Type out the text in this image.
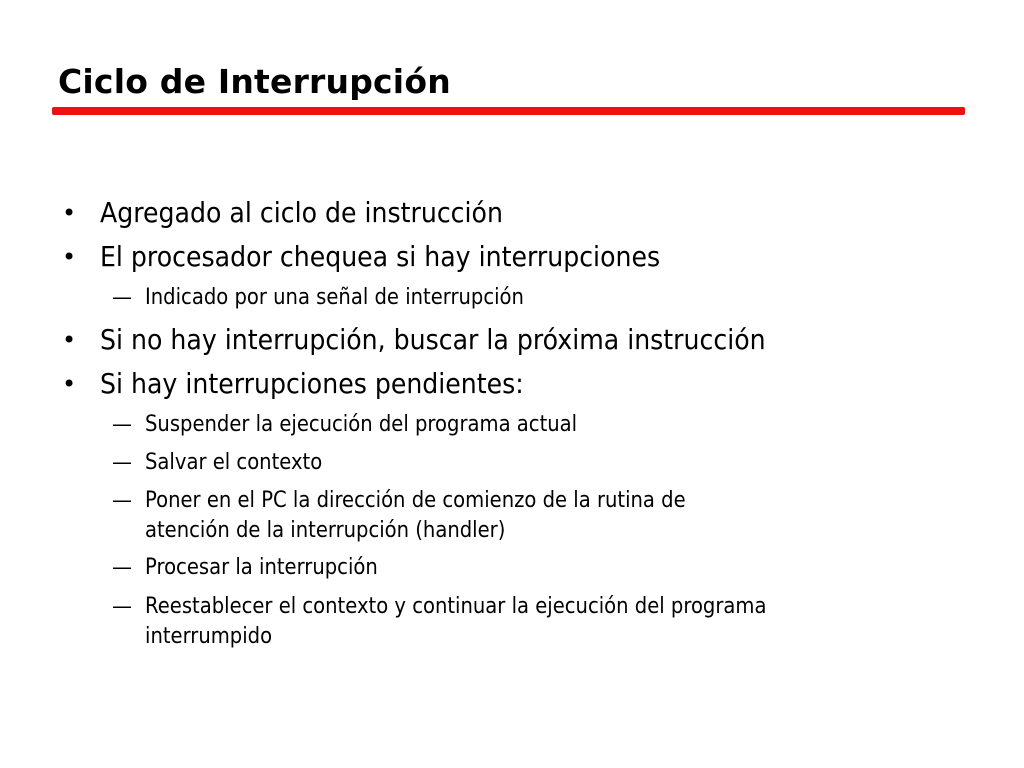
Ciclo de Interrupción
• Agregado al ciclo de instrucción
• El procesador chequea si hay interrupciones
— Indicado por una señal de interrupción
• Si no hay interrupción, buscar la próxima instrucción
• Si hay interrupciones pendientes:
— Suspender la ejecución del programa actual
— Salvar el contexto
— Poner en el PC la dirección de comienzo de la rutina de
atención de la interrupción (handler)
— Procesar la interrupción
— Reestablecer el contexto y continuar la ejecución del programa
interrumpido
